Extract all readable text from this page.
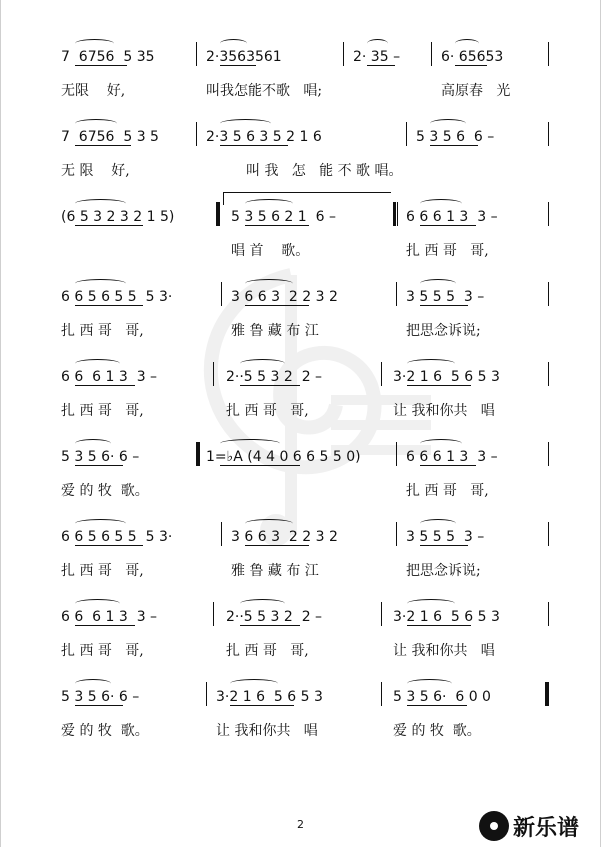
7  6756  5 35	2·3563561	2· 35 –	6· 65653
无限    好,	叫我怎能不歌   唱;	高原春   光
7  6756  5 3 5	2·3 5 6 3 5 2 1 6	5 3 5 6  6 –
无 限    好,	叫 我   怎   能 不 歌 唱。
(6 5 3 2 3 2 1 5)	5 3 5 6 2 1  6 –	6 6 6 1 3  3 –
唱 首    歌。	扎 西 哥   哥,
6 6 5 6 5 5  5 3·	3 6 6 3  2 2 3 2	3 5 5 5  3 –
扎 西 哥   哥,	雅 鲁 藏 布 江	把思念诉说;
6 6  6 1 3  3 –	2··5 5 3 2  2 –	3·2 1 6  5 6 5 3
扎 西 哥   哥,	扎 西 哥   哥,	让 我和你共   唱
5 3 5 6· 6 –	1=♭A (4 4 0 6 6 5 5 0)	6 6 6 1 3  3 –
爱 的 牧  歌。	扎 西 哥   哥,
6 6 5 6 5 5  5 3·	3 6 6 3  2 2 3 2	3 5 5 5  3 –
扎 西 哥   哥,	雅 鲁 藏 布 江	把思念诉说;
6 6  6 1 3  3 –	2··5 5 3 2  2 –	3·2 1 6  5 6 5 3
扎 西 哥   哥,	扎 西 哥   哥,	让 我和你共   唱
5 3 5 6· 6 –	3·2 1 6  5 6 5 3	5 3 5 6·  6 0 0
爱 的 牧  歌。	让 我和你共   唱	爱 的 牧  歌。
2	新乐谱
